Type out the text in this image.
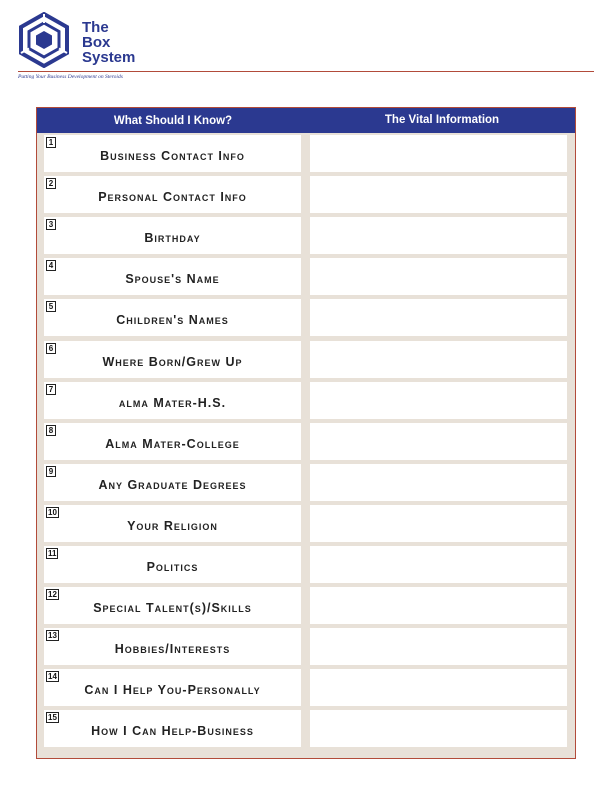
The
Box
System
Putting Your Business Development on Steroids
What Should I Know?	The Vital Information
1
Business Contact Info
2
Personal Contact Info
3
Birthday
4
Spouse's Name
5
Children's Names
6
Where Born/Grew Up
7
alma Mater-H.S.
8
Alma Mater-College
9
Any Graduate Degrees
10
Your Religion
11
Politics
12
Special Talent(s)/Skills
13
Hobbies/Interests
14
Can I Help You-Personally
15
How I Can Help-Business
